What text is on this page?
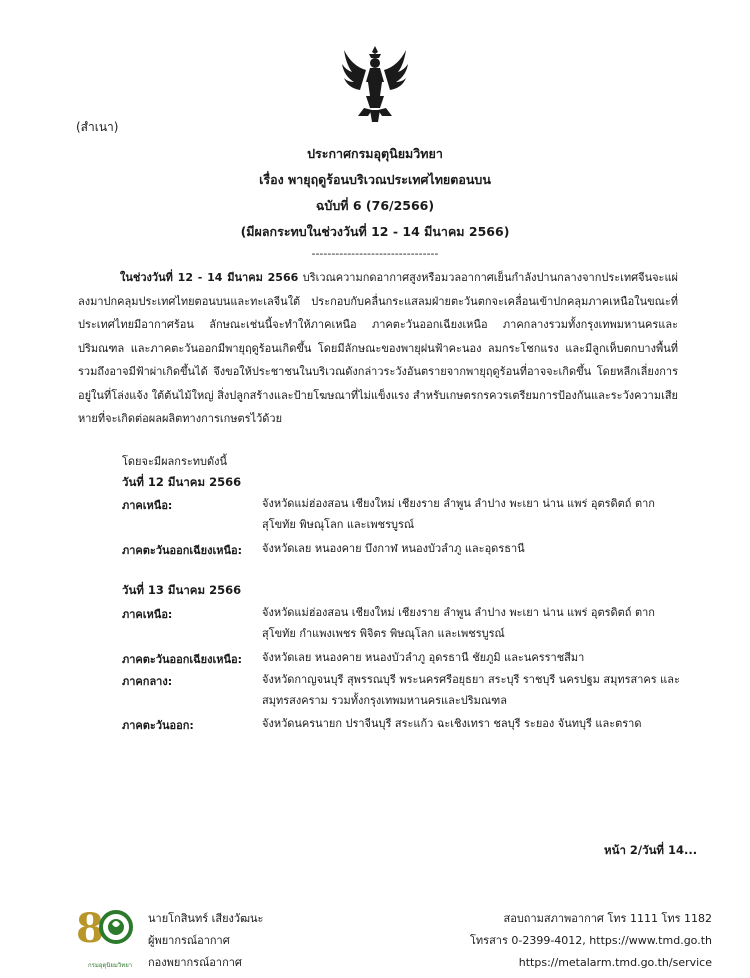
(สำเนา)
ประกาศกรมอุตุนิยมวิทยา
เรื่อง พายุฤดูร้อนบริเวณประเทศไทยตอนบน
ฉบับที่ 6 (76/2566)
(มีผลกระทบในช่วงวันที่ 12 - 14 มีนาคม 2566)
--------------------------------
ในช่วงวันที่ 12 - 14 มีนาคม 2566 บริเวณความกดอากาศสูงหรือมวลอากาศเย็นกำลังปานกลางจากประเทศจีนจะแผ่ลงมาปกคลุมประเทศไทยตอนบนและทะเลจีนใต้ ประกอบกับคลื่นกระแสลมฝ่ายตะวันตกจะเคลื่อนเข้าปกคลุมภาคเหนือในขณะที่ประเทศไทยมีอากาศร้อน ลักษณะเช่นนี้จะทำให้ภาคเหนือ ภาคตะวันออกเฉียงเหนือ ภาคกลางรวมทั้งกรุงเทพมหานครและปริมณฑล และภาคตะวันออกมีพายุฤดูร้อนเกิดขึ้น โดยมีลักษณะของพายุฝนฟ้าคะนอง ลมกระโชกแรง และมีลูกเห็บตกบางพื้นที่ รวมถึงอาจมีฟ้าผ่าเกิดขึ้นได้ จึงขอให้ประชาชนในบริเวณดังกล่าวระวังอันตรายจากพายุฤดูร้อนที่อาจจะเกิดขึ้น โดยหลีกเลี่ยงการอยู่ในที่โล่งแจ้ง ใต้ต้นไม้ใหญ่ สิ่งปลูกสร้างและป้ายโฆษณาที่ไม่แข็งแรง สำหรับเกษตรกรควรเตรียมการป้องกันและระวังความเสียหายที่จะเกิดต่อผลผลิตทางการเกษตรไว้ด้วย
โดยจะมีผลกระทบดังนี้
วันที่ 12 มีนาคม 2566
ภาคเหนือ:	จังหวัดแม่ฮ่องสอน เชียงใหม่ เชียงราย ลำพูน ลำปาง พะเยา น่าน แพร่ อุตรดิตถ์ ตาก สุโขทัย พิษณุโลก และเพชรบูรณ์
ภาคตะวันออกเฉียงเหนือ: จังหวัดเลย หนองคาย บึงกาฬ หนองบัวลำภู และอุดรธานี
วันที่ 13 มีนาคม 2566
ภาคเหนือ:	จังหวัดแม่ฮ่องสอน เชียงใหม่ เชียงราย ลำพูน ลำปาง พะเยา น่าน แพร่ อุตรดิตถ์ ตาก สุโขทัย กำแพงเพชร พิจิตร พิษณุโลก และเพชรบูรณ์
ภาคตะวันออกเฉียงเหนือ: จังหวัดเลย หนองคาย หนองบัวลำภู อุดรธานี ชัยภูมิ และนครราชสีมา
ภาคกลาง:	จังหวัดกาญจนบุรี สุพรรณบุรี พระนครศรีอยุธยา สระบุรี ราชบุรี นครปฐม สมุทรสาคร และสมุทรสงคราม รวมทั้งกรุงเทพมหานครและปริมณฑล
ภาคตะวันออก:	จังหวัดนครนายก ปราจีนบุรี สระแก้ว ฉะเชิงเทรา ชลบุรี ระยอง จันทบุรี และตราด
หน้า 2/วันที่ 14...
8
กรมอุตุนิยมวิทยา
นายโกสินทร์ เสียงวัฒนะ
ผู้พยากรณ์อากาศ
กองพยากรณ์อากาศ
สอบถามสภาพอากาศ โทร 1111 โทร 1182
โทรสาร 0-2399-4012, https://www.tmd.go.th
https://metalarm.tmd.go.th/service
